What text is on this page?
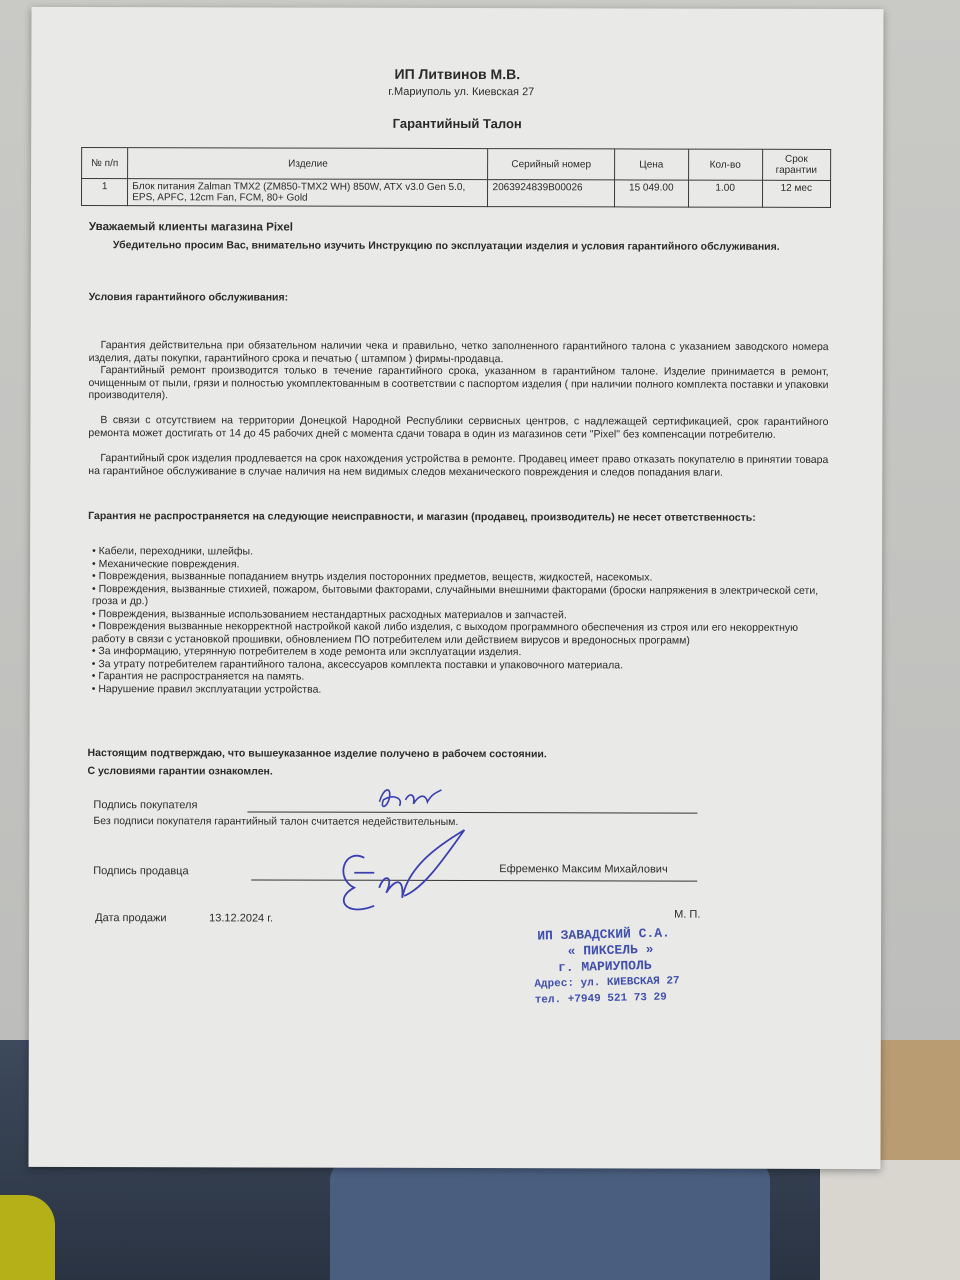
ИП Литвинов М.В.
г.Мариуполь ул. Киевская 27
Гарантийный Талон
№ п/п	Изделие	Серийный номер	Цена	Кол-во	Срок гарантии
1	Блок питания Zalman TMX2 (ZM850-TMX2 WH) 850W, ATX v3.0 Gen 5.0, EPS, APFC, 12cm Fan, FCM, 80+ Gold	2063924839B00026	15 049.00	1.00	12 мес
Уважаемый клиенты магазина Pixel
Убедительно просим Вас, внимательно изучить Инструкцию по эксплуатации изделия и условия гарантийного обслуживания.
Условия гарантийного обслуживания:
Гарантия действительна при обязательном наличии чека и правильно, четко заполненного гарантийного талона с указанием заводского номера изделия, даты покупки, гарантийного срока и печатью ( штампом ) фирмы-продавца.
Гарантийный ремонт производится только в течение гарантийного срока, указанном в гарантийном талоне. Изделие принимается в ремонт, очищенным от пыли, грязи и полностью укомплектованным в соответствии с паспортом изделия ( при наличии полного комплекта поставки и упаковки производителя).
В связи с отсутствием на территории Донецкой Народной Республики сервисных центров, с надлежащей сертификацией, срок гарантийного ремонта может достигать от 14 до 45 рабочих дней с момента сдачи товара в один из магазинов сети "Pixel" без компенсации потребителю.
Гарантийный срок изделия продлевается на срок нахождения устройства в ремонте. Продавец имеет право отказать покупателю в принятии товара на гарантийное обслуживание в случае наличия на нем видимых следов механического повреждения и следов попадания влаги.
Гарантия не распространяется на следующие неисправности, и магазин (продавец, производитель) не несет ответственность:
• Кабели, переходники, шлейфы.
• Механические повреждения.
• Повреждения, вызванные попаданием внутрь изделия посторонних предметов, веществ, жидкостей, насекомых.
• Повреждения, вызванные стихией, пожаром, бытовыми факторами, случайными внешними факторами (броски напряжения в электрической сети, гроза и др.)
• Повреждения, вызванные использованием нестандартных расходных материалов и запчастей.
• Повреждения вызванные некорректной настройкой какой либо изделия, с выходом программного обеспечения из строя или его некорректную работу в связи с установкой прошивки, обновлением ПО потребителем или действием вирусов и вредоносных программ)
• За информацию, утерянную потребителем в ходе ремонта или эксплуатации изделия.
• За утрату потребителем гарантийного талона, аксессуаров комплекта поставки и упаковочного материала.
• Гарантия не распространяется на память.
• Нарушение правил эксплуатации устройства.
Настоящим подтверждаю, что вышеуказанное изделие получено в рабочем состоянии.
С условиями гарантии ознакомлен.
Подпись покупателя
Без подписи покупателя гарантийный талон считается недействительным.
Подпись продавца	Ефременко Максим Михайлович
Дата продажи	13.12.2024 г.	М. П.
ИП ЗАВАДСКИЙ С.А.
« ПИКСЕЛЬ »
г. МАРИУПОЛЬ
Адрес: ул. КИЕВСКАЯ 27
тел. +7949 521 73 29
